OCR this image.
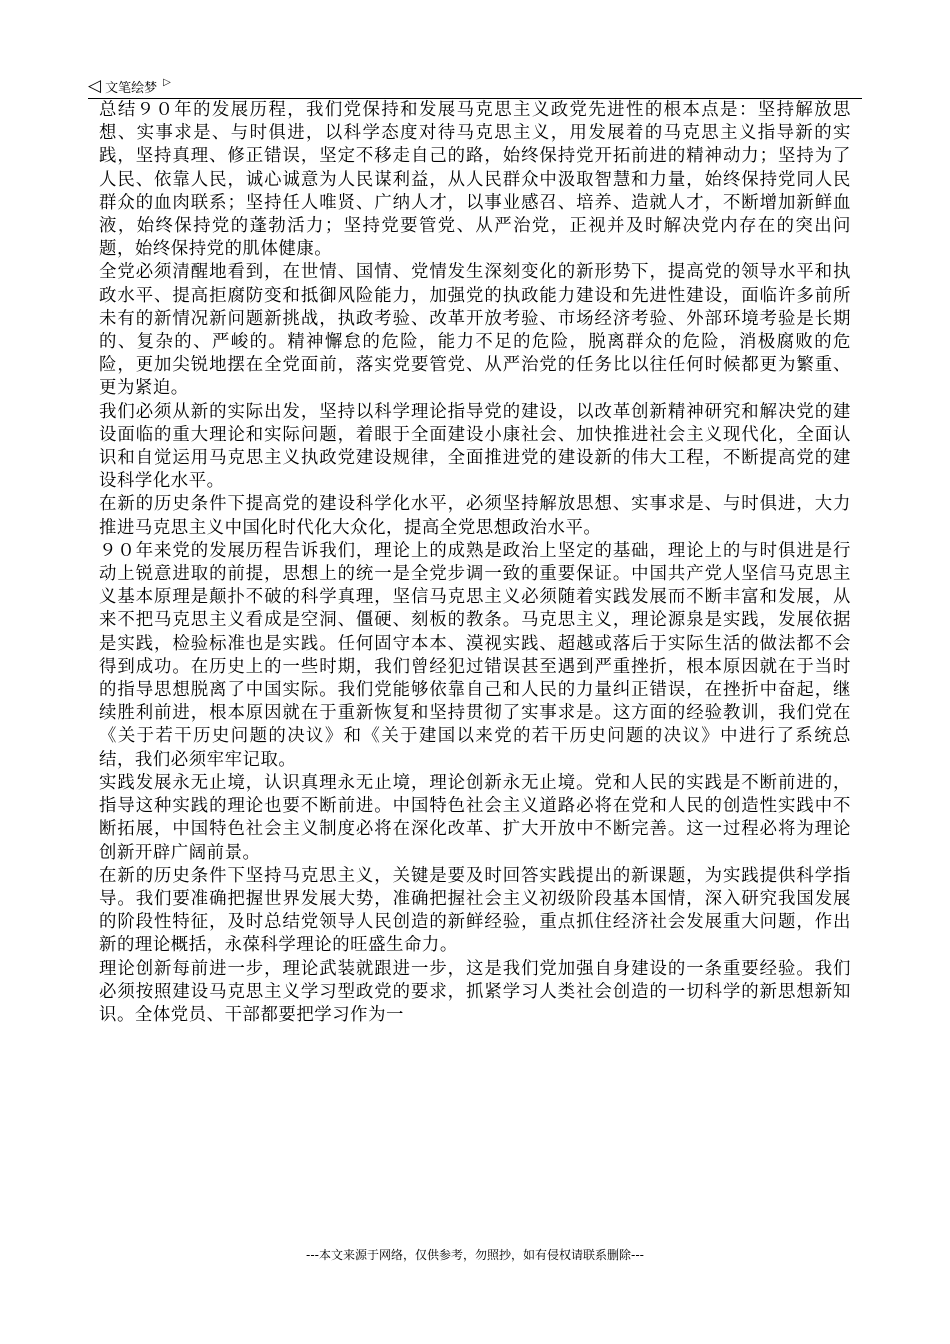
◁ 文笔绘梦 ▷

总结９０年的发展历程，我们党保持和发展马克思主义政党先进性的根本点是：坚持解放思想、实事求是、与时俱进，以科学态度对待马克思主义，用发展着的马克思主义指导新的实践，坚持真理、修正错误，坚定不移走自己的路，始终保持党开拓前进的精神动力；坚持为了人民、依靠人民，诚心诚意为人民谋利益，从人民群众中汲取智慧和力量，始终保持党同人民群众的血肉联系；坚持任人唯贤、广纳人才，以事业感召、培养、造就人才，不断增加新鲜血液，始终保持党的蓬勃活力；坚持党要管党、从严治党，正视并及时解决党内存在的突出问题，始终保持党的肌体健康。

全党必须清醒地看到，在世情、国情、党情发生深刻变化的新形势下，提高党的领导水平和执政水平、提高拒腐防变和抵御风险能力，加强党的执政能力建设和先进性建设，面临许多前所未有的新情况新问题新挑战，执政考验、改革开放考验、市场经济考验、外部环境考验是长期的、复杂的、严峻的。精神懈怠的危险，能力不足的危险，脱离群众的危险，消极腐败的危险，更加尖锐地摆在全党面前，落实党要管党、从严治党的任务比以往任何时候都更为繁重、更为紧迫。

我们必须从新的实际出发，坚持以科学理论指导党的建设，以改革创新精神研究和解决党的建设面临的重大理论和实际问题，着眼于全面建设小康社会、加快推进社会主义现代化，全面认识和自觉运用马克思主义执政党建设规律，全面推进党的建设新的伟大工程，不断提高党的建设科学化水平。

在新的历史条件下提高党的建设科学化水平，必须坚持解放思想、实事求是、与时俱进，大力推进马克思主义中国化时代化大众化，提高全党思想政治水平。

９０年来党的发展历程告诉我们，理论上的成熟是政治上坚定的基础，理论上的与时俱进是行动上锐意进取的前提，思想上的统一是全党步调一致的重要保证。中国共产党人坚信马克思主义基本原理是颠扑不破的科学真理，坚信马克思主义必须随着实践发展而不断丰富和发展，从来不把马克思主义看成是空洞、僵硬、刻板的教条。马克思主义，理论源泉是实践，发展依据是实践，检验标准也是实践。任何固守本本、漠视实践、超越或落后于实际生活的做法都不会得到成功。在历史上的一些时期，我们曾经犯过错误甚至遇到严重挫折，根本原因就在于当时的指导思想脱离了中国实际。我们党能够依靠自己和人民的力量纠正错误，在挫折中奋起，继续胜利前进，根本原因就在于重新恢复和坚持贯彻了实事求是。这方面的经验教训，我们党在《关于若干历史问题的决议》和《关于建国以来党的若干历史问题的决议》中进行了系统总结，我们必须牢牢记取。

实践发展永无止境，认识真理永无止境，理论创新永无止境。党和人民的实践是不断前进的，指导这种实践的理论也要不断前进。中国特色社会主义道路必将在党和人民的创造性实践中不断拓展，中国特色社会主义制度必将在深化改革、扩大开放中不断完善。这一过程必将为理论创新开辟广阔前景。

在新的历史条件下坚持马克思主义，关键是要及时回答实践提出的新课题，为实践提供科学指导。我们要准确把握世界发展大势，准确把握社会主义初级阶段基本国情，深入研究我国发展的阶段性特征，及时总结党领导人民创造的新鲜经验，重点抓住经济社会发展重大问题，作出新的理论概括，永葆科学理论的旺盛生命力。

理论创新每前进一步，理论武装就跟进一步，这是我们党加强自身建设的一条重要经验。我们必须按照建设马克思主义学习型政党的要求，抓紧学习人类社会创造的一切科学的新思想新知识。全体党员、干部都要把学习作为一

---本文来源于网络，仅供参考，勿照抄，如有侵权请联系删除---
